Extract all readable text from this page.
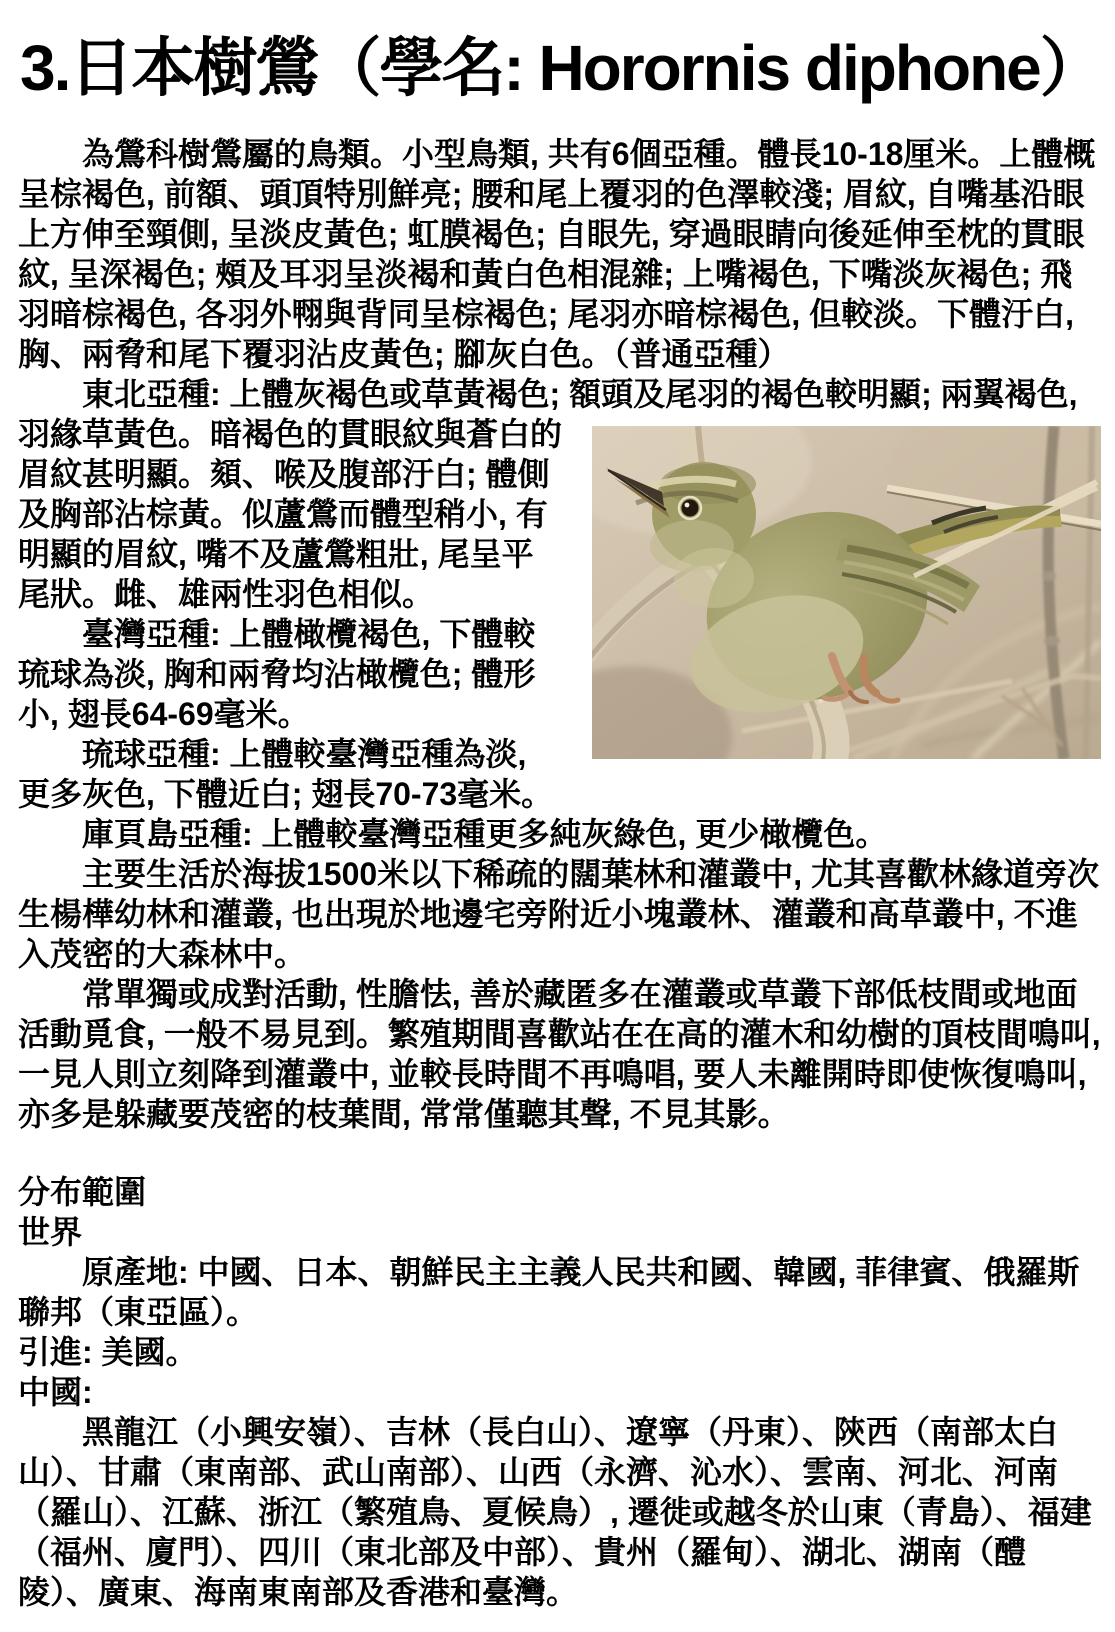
3.日本樹鶯（學名: Horornis diphone）

為鶯科樹鶯屬的鳥類。小型鳥類, 共有6個亞種。體長10-18厘米。上體概呈棕褐色, 前額、頭頂特別鮮亮; 腰和尾上覆羽的色澤較淺; 眉紋, 自嘴基沿眼上方伸至頸側, 呈淡皮黃色; 虹膜褐色; 自眼先, 穿過眼睛向後延伸至枕的貫眼紋, 呈深褐色; 頰及耳羽呈淡褐和黃白色相混雜; 上嘴褐色, 下嘴淡灰褐色; 飛羽暗棕褐色, 各羽外翈與背同呈棕褐色; 尾羽亦暗棕褐色, 但較淡。下體汙白, 胸、兩脅和尾下覆羽沾皮黃色; 腳灰白色。（普通亞種）

東北亞種: 上體灰褐色或草黃褐色; 額頭及尾羽的褐色較明顯; 兩翼褐色,

羽緣草黃色。暗褐色的貫眼紋與蒼白的眉紋甚明顯。頦、喉及腹部汙白; 體側及胸部沾棕黃。似蘆鶯而體型稍小, 有明顯的眉紋, 嘴不及蘆鶯粗壯, 尾呈平尾狀。雌、雄兩性羽色相似。

臺灣亞種: 上體橄欖褐色, 下體較琉球為淡, 胸和兩脅均沾橄欖色; 體形小, 翅長64-69毫米。

琉球亞種: 上體較臺灣亞種為淡, 更多灰色, 下體近白; 翅長70-73毫米。

庫頁島亞種: 上體較臺灣亞種更多純灰綠色, 更少橄欖色。

主要生活於海拔1500米以下稀疏的闊葉林和灌叢中, 尤其喜歡林緣道旁次生楊樺幼林和灌叢, 也出現於地邊宅旁附近小塊叢林、灌叢和高草叢中, 不進入茂密的大森林中。

常單獨或成對活動, 性膽怯, 善於藏匿多在灌叢或草叢下部低枝間或地面活動覓食, 一般不易見到。繁殖期間喜歡站在在高的灌木和幼樹的頂枝間鳴叫, 一見人則立刻降到灌叢中, 並較長時間不再鳴唱, 要人未離開時即使恢復鳴叫, 亦多是躲藏要茂密的枝葉間, 常常僅聽其聲, 不見其影。

分布範圍

世界

原產地: 中國、日本、朝鮮民主主義人民共和國、韓國, 菲律賓、俄羅斯聯邦（東亞區）。

引進: 美國。

中國:

黑龍江（小興安嶺）、吉林（長白山）、遼寧（丹東）、陝西（南部太白山）、甘肅（東南部、武山南部）、山西（永濟、沁水）、雲南、河北、河南（羅山）、江蘇、浙江（繁殖鳥、夏候鳥）, 遷徙或越冬於山東（青島）、福建（福州、廈門）、四川（東北部及中部）、貴州（羅甸）、湖北、湖南（醴陵）、廣東、海南東南部及香港和臺灣。
